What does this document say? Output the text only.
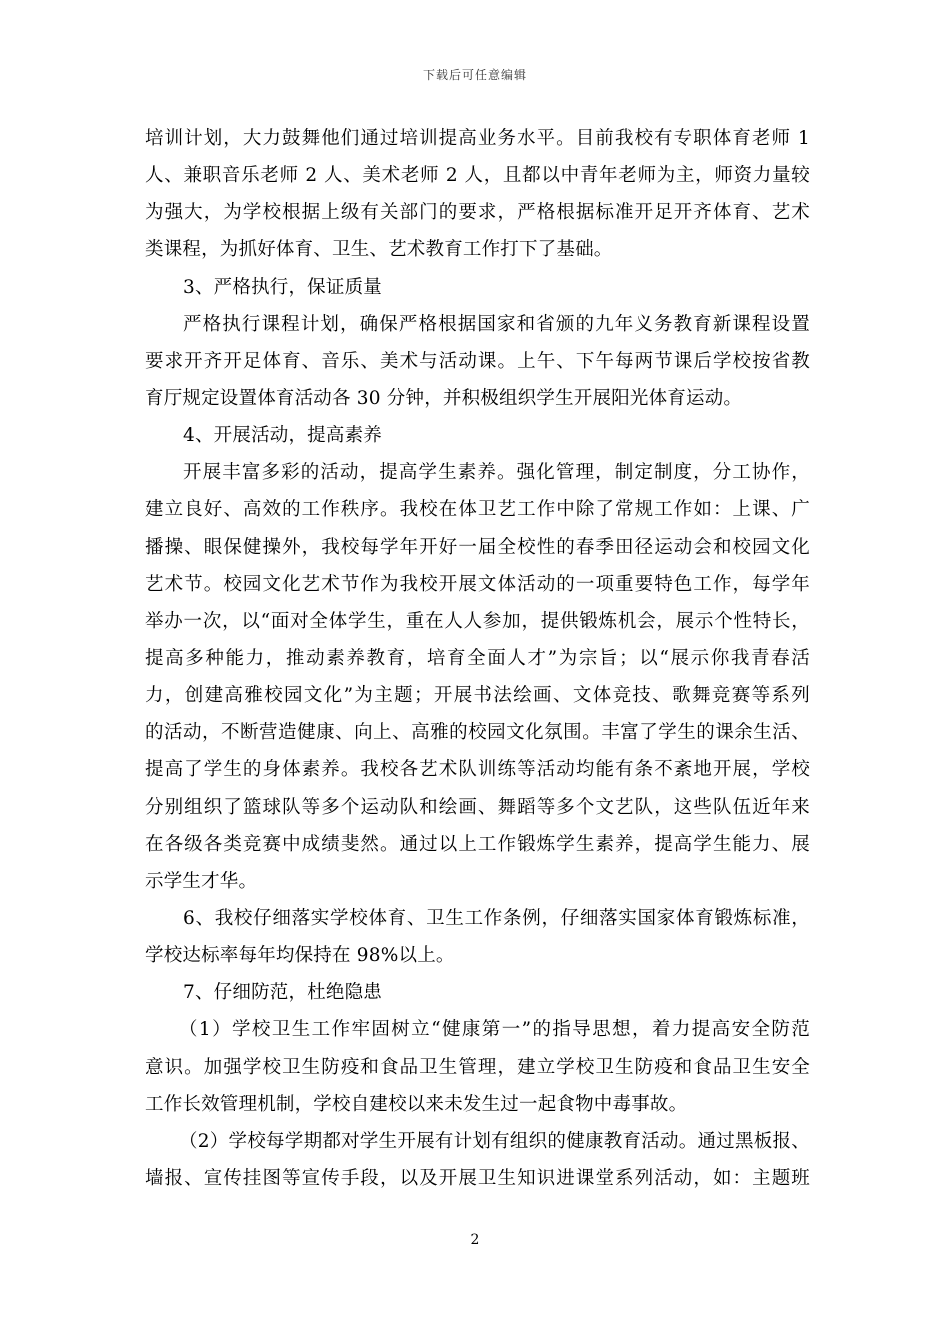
下载后可任意编辑
培训计划，大力鼓舞他们通过培训提高业务水平。目前我校有专职体育老师 1
人、兼职音乐老师 2 人、美术老师 2 人，且都以中青年老师为主，师资力量较
为强大，为学校根据上级有关部门的要求，严格根据标准开足开齐体育、艺术
类课程，为抓好体育、卫生、艺术教育工作打下了基础。
3、严格执行，保证质量
严格执行课程计划，确保严格根据国家和省颁的九年义务教育新课程设置
要求开齐开足体育、音乐、美术与活动课。上午、下午每两节课后学校按省教
育厅规定设置体育活动各 30 分钟，并积极组织学生开展阳光体育运动。
4、开展活动，提高素养
开展丰富多彩的活动，提高学生素养。强化管理，制定制度，分工协作，
建立良好、高效的工作秩序。我校在体卫艺工作中除了常规工作如：上课、广
播操、眼保健操外，我校每学年开好一届全校性的春季田径运动会和校园文化
艺术节。校园文化艺术节作为我校开展文体活动的一项重要特色工作，每学年
举办一次，以“面对全体学生，重在人人参加，提供锻炼机会，展示个性特长，
提高多种能力，推动素养教育，培育全面人才”为宗旨；以“展示你我青春活
力，创建高雅校园文化”为主题；开展书法绘画、文体竞技、歌舞竞赛等系列
的活动，不断营造健康、向上、高雅的校园文化氛围。丰富了学生的课余生活、
提高了学生的身体素养。我校各艺术队训练等活动均能有条不紊地开展，学校
分别组织了篮球队等多个运动队和绘画、舞蹈等多个文艺队，这些队伍近年来
在各级各类竞赛中成绩斐然。通过以上工作锻炼学生素养，提高学生能力、展
示学生才华。
6、我校仔细落实学校体育、卫生工作条例，仔细落实国家体育锻炼标准，
学校达标率每年均保持在 98%以上。
7、仔细防范，杜绝隐患
（1）学校卫生工作牢固树立“健康第一”的指导思想，着力提高安全防范
意识。加强学校卫生防疫和食品卫生管理，建立学校卫生防疫和食品卫生安全
工作长效管理机制，学校自建校以来未发生过一起食物中毒事故。
（2）学校每学期都对学生开展有计划有组织的健康教育活动。通过黑板报、
墙报、宣传挂图等宣传手段，以及开展卫生知识进课堂系列活动，如：主题班
2
